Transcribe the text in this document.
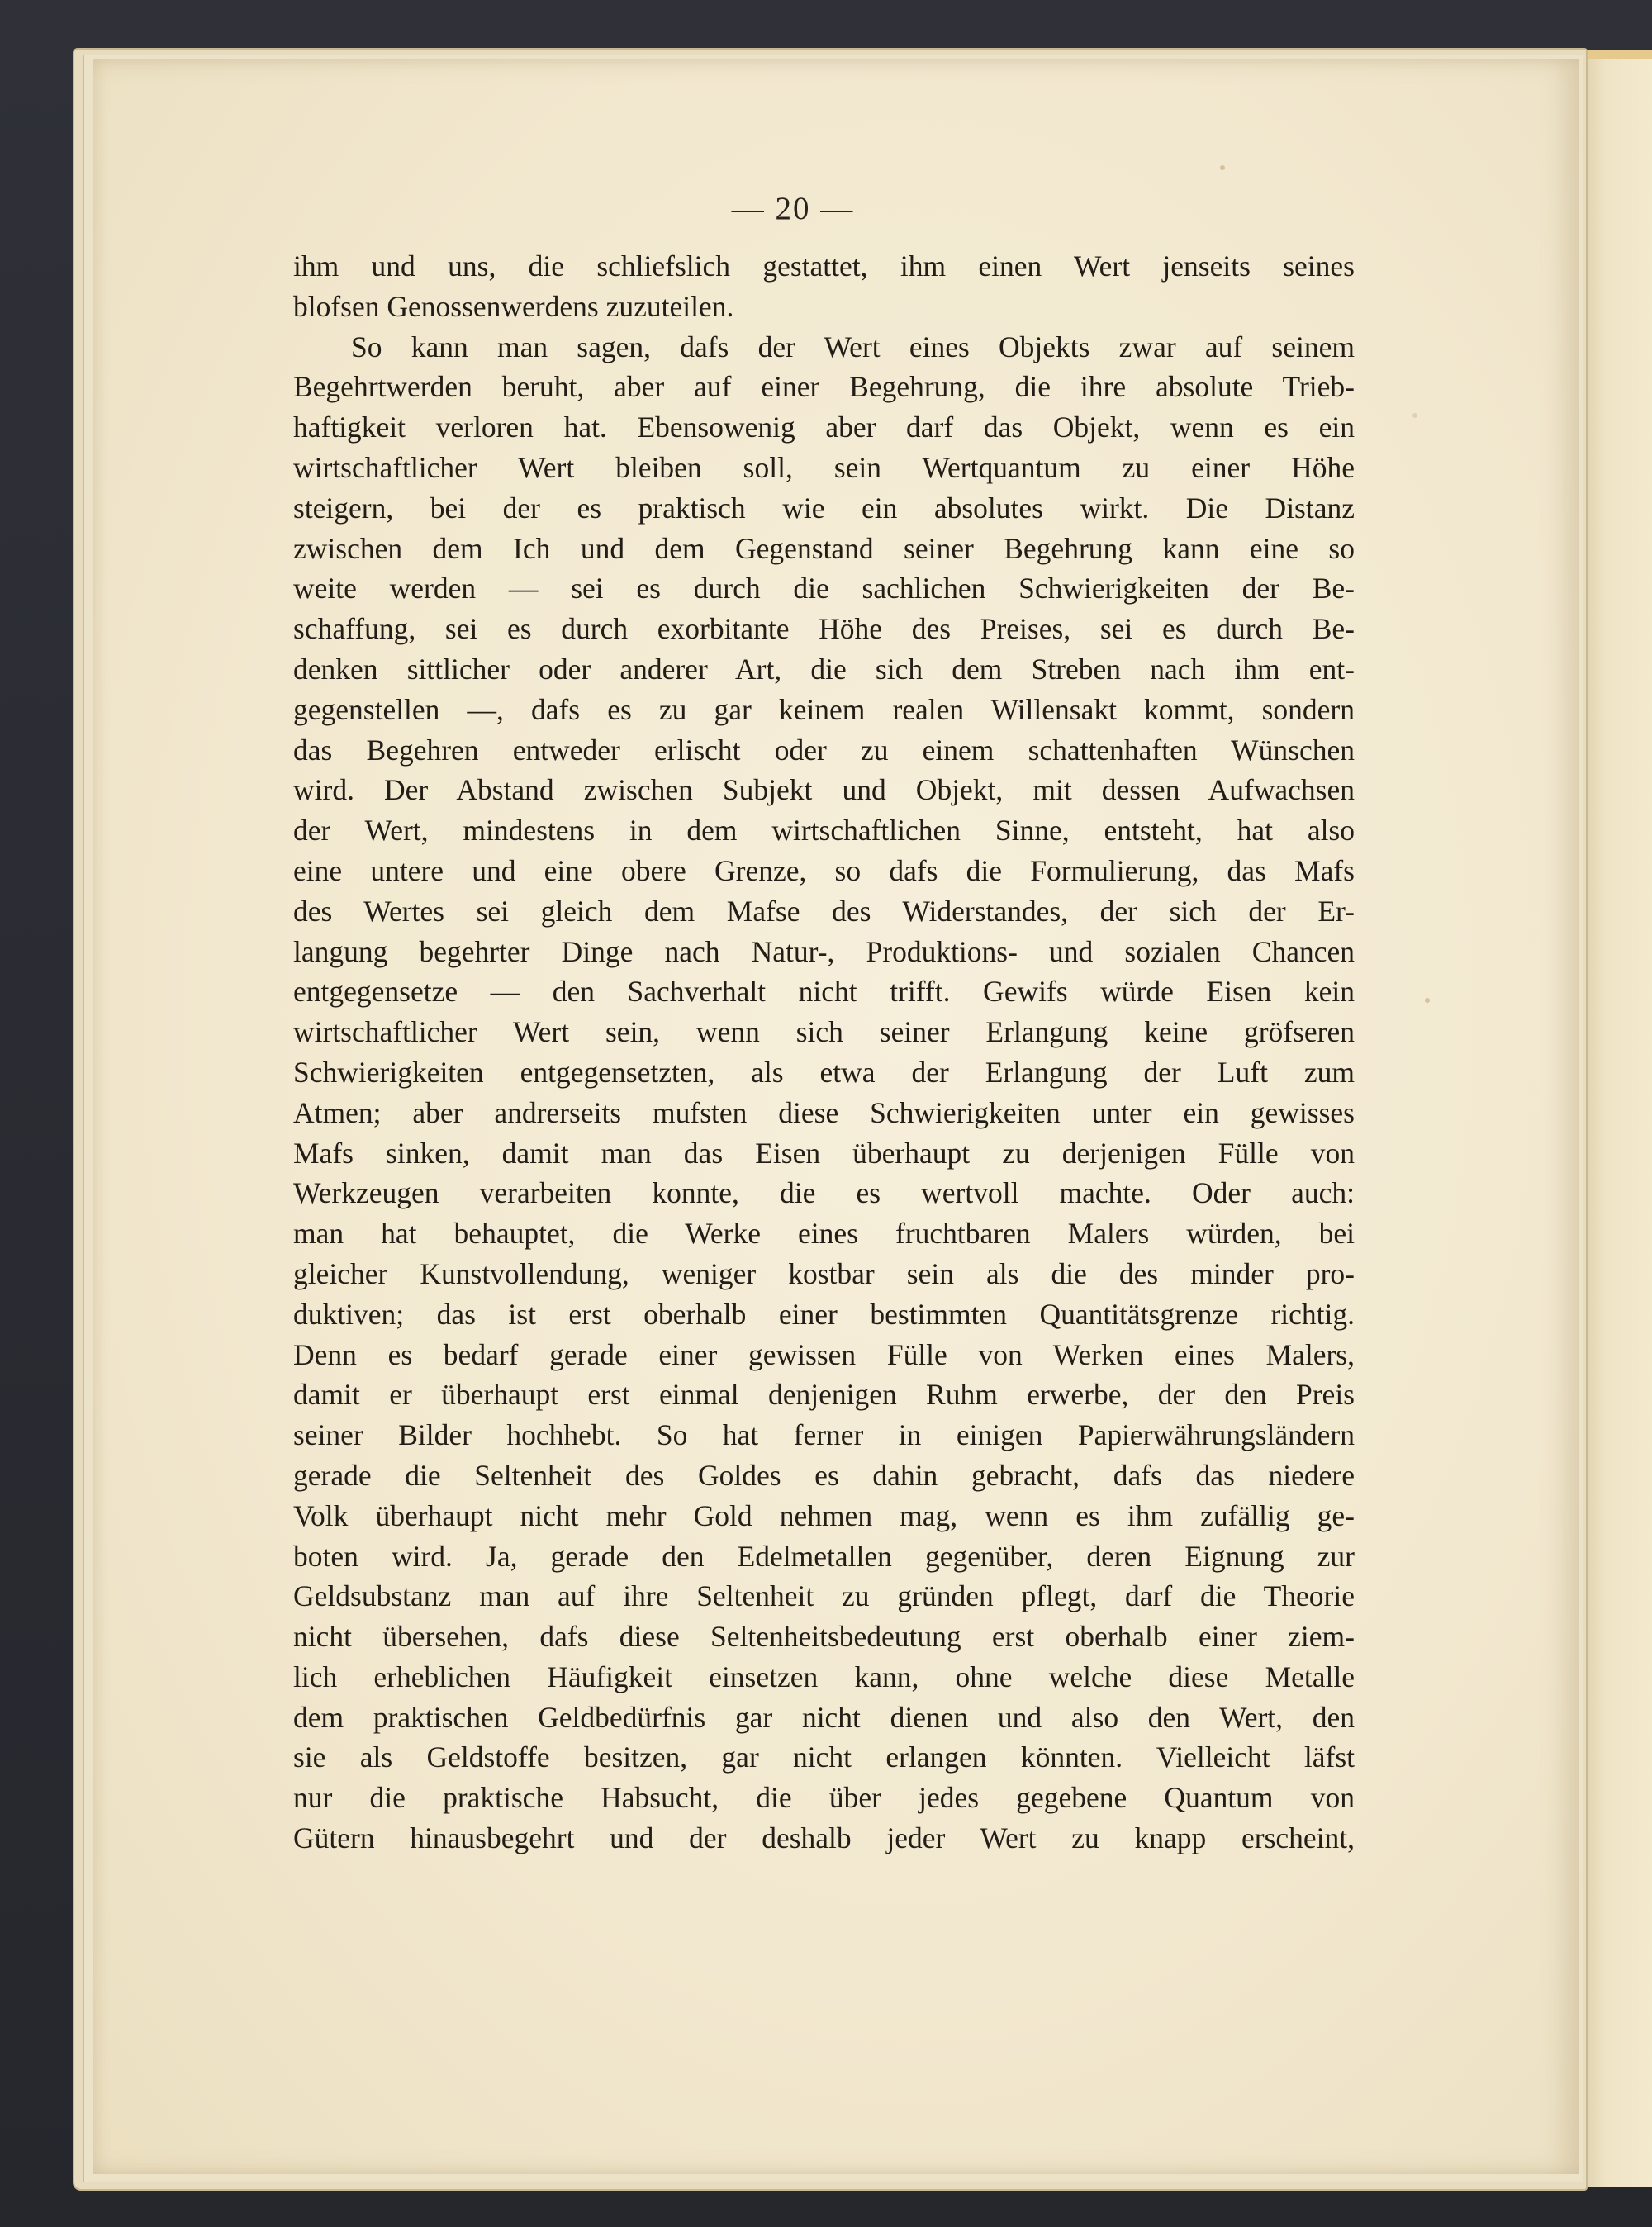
— 20 —
ihm und uns, die schliefslich gestattet, ihm einen Wert jenseits seines
blofsen Genossenwerdens zuzuteilen.
So kann man sagen, dafs der Wert eines Objekts zwar auf seinem
Begehrtwerden beruht, aber auf einer Begehrung, die ihre absolute Trieb-
haftigkeit verloren hat. Ebensowenig aber darf das Objekt, wenn es ein
wirtschaftlicher Wert bleiben soll, sein Wertquantum zu einer Höhe
steigern, bei der es praktisch wie ein absolutes wirkt. Die Distanz
zwischen dem Ich und dem Gegenstand seiner Begehrung kann eine so
weite werden — sei es durch die sachlichen Schwierigkeiten der Be-
schaffung, sei es durch exorbitante Höhe des Preises, sei es durch Be-
denken sittlicher oder anderer Art, die sich dem Streben nach ihm ent-
gegenstellen —, dafs es zu gar keinem realen Willensakt kommt, sondern
das Begehren entweder erlischt oder zu einem schattenhaften Wünschen
wird. Der Abstand zwischen Subjekt und Objekt, mit dessen Aufwachsen
der Wert, mindestens in dem wirtschaftlichen Sinne, entsteht, hat also
eine untere und eine obere Grenze, so dafs die Formulierung, das Mafs
des Wertes sei gleich dem Mafse des Widerstandes, der sich der Er-
langung begehrter Dinge nach Natur-, Produktions- und sozialen Chancen
entgegensetze — den Sachverhalt nicht trifft. Gewifs würde Eisen kein
wirtschaftlicher Wert sein, wenn sich seiner Erlangung keine gröfseren
Schwierigkeiten entgegensetzten, als etwa der Erlangung der Luft zum
Atmen; aber andrerseits mufsten diese Schwierigkeiten unter ein gewisses
Mafs sinken, damit man das Eisen überhaupt zu derjenigen Fülle von
Werkzeugen verarbeiten konnte, die es wertvoll machte. Oder auch:
man hat behauptet, die Werke eines fruchtbaren Malers würden, bei
gleicher Kunstvollendung, weniger kostbar sein als die des minder pro-
duktiven; das ist erst oberhalb einer bestimmten Quantitätsgrenze richtig.
Denn es bedarf gerade einer gewissen Fülle von Werken eines Malers,
damit er überhaupt erst einmal denjenigen Ruhm erwerbe, der den Preis
seiner Bilder hochhebt. So hat ferner in einigen Papierwährungsländern
gerade die Seltenheit des Goldes es dahin gebracht, dafs das niedere
Volk überhaupt nicht mehr Gold nehmen mag, wenn es ihm zufällig ge-
boten wird. Ja, gerade den Edelmetallen gegenüber, deren Eignung zur
Geldsubstanz man auf ihre Seltenheit zu gründen pflegt, darf die Theorie
nicht übersehen, dafs diese Seltenheitsbedeutung erst oberhalb einer ziem-
lich erheblichen Häufigkeit einsetzen kann, ohne welche diese Metalle
dem praktischen Geldbedürfnis gar nicht dienen und also den Wert, den
sie als Geldstoffe besitzen, gar nicht erlangen könnten. Vielleicht läfst
nur die praktische Habsucht, die über jedes gegebene Quantum von
Gütern hinausbegehrt und der deshalb jeder Wert zu knapp erscheint,
